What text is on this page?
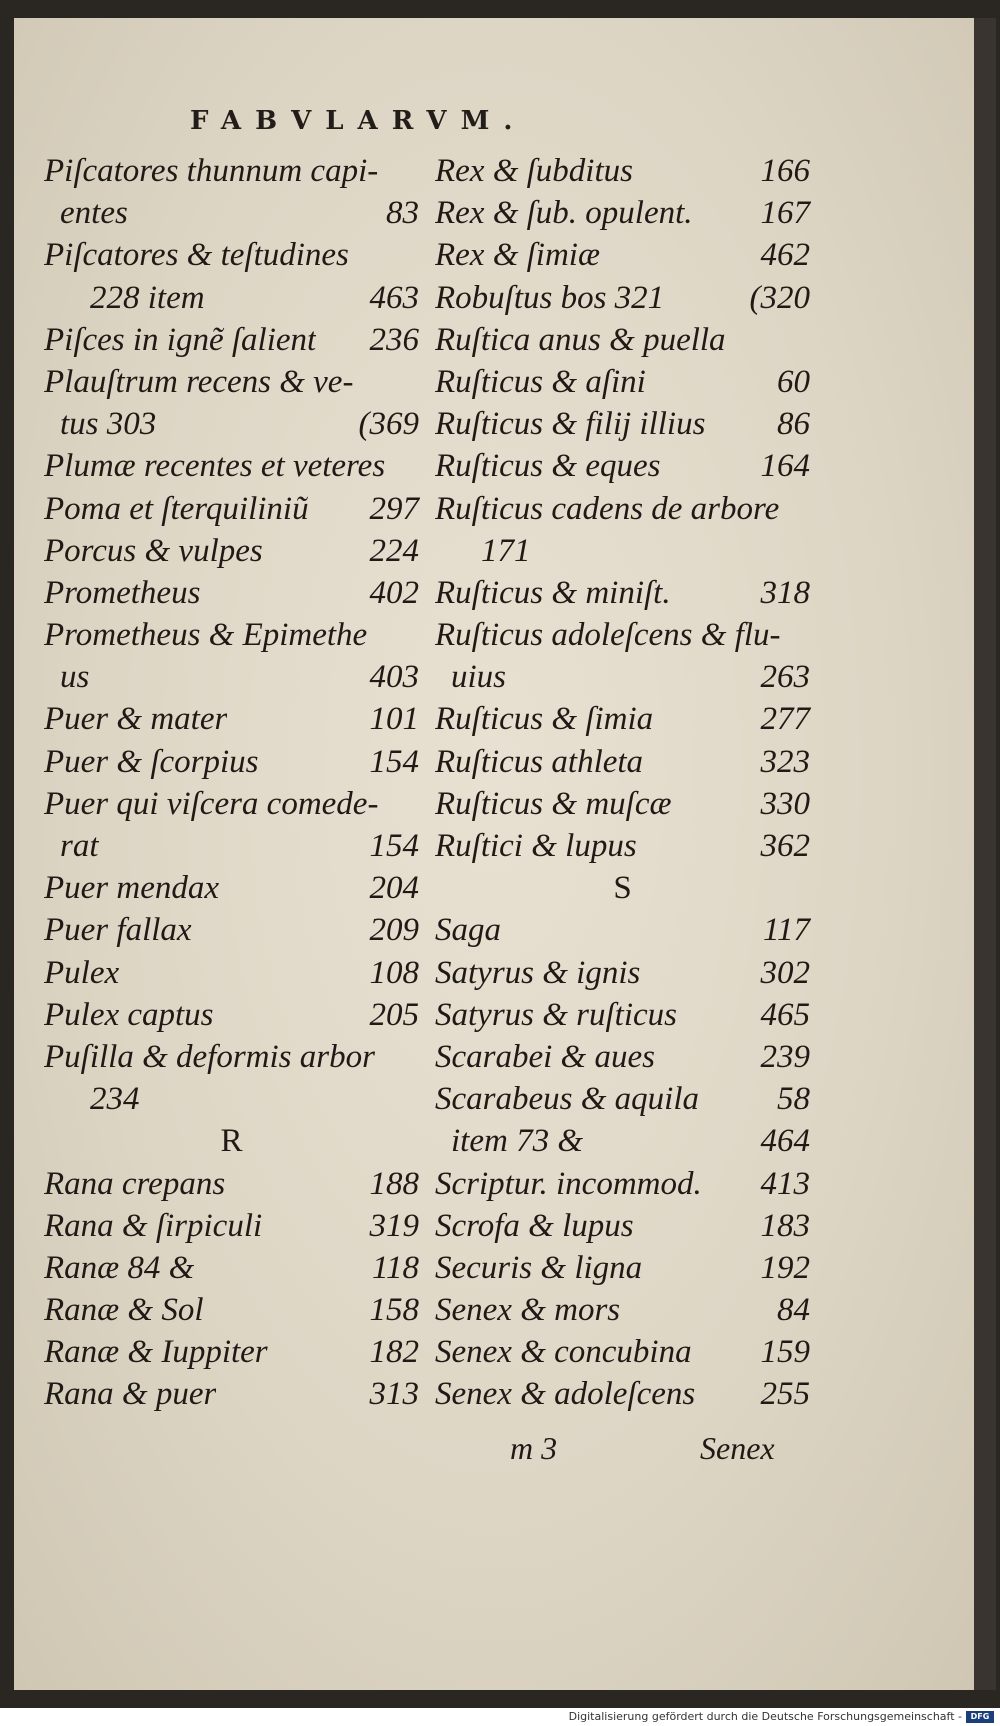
FABVLARVM.
Piſcatores thunnum capi-
entes	83
Piſcatores & teſtudines
228 item	463
Piſces in ignẽ ſalient 236
Plauſtrum recens & ve-
tus 303	(369
Plumæ recentes et veteres
Poma et ſterquiliniũ 297
Porcus & vulpes	224
Prometheus	402
Prometheus & Epimethe
us	403
Puer & mater	101
Puer & ſcorpius	154
Puer qui viſcera comede-
rat	154
Puer mendax	204
Puer fallax	209
Pulex	108
Pulex captus	205
Puſilla & deformis arbor
234
R
Rana crepans	188
Rana & ſirpiculi	319
Ranæ 84 &	118
Ranæ & Sol	158
Ranæ & Iuppiter	182
Rana & puer	313
Rex & ſubditus	166
Rex & ſub. opulent. 167
Rex & ſimiæ	462
Robuſtus bos 321	(320
Ruſtica anus & puella
Ruſticus & aſini	60
Ruſticus & filij illius 86
Ruſticus & eques	164
Ruſticus cadens de arbore
171
Ruſticus & miniſt.	318
Ruſticus adoleſcens & flu-
uius	263
Ruſticus & ſimia	277
Ruſticus athleta	323
Ruſticus & muſcæ	330
Ruſtici & lupus	362
S
Saga	117
Satyrus & ignis	302
Satyrus & ruſticus	465
Scarabei & aues	239
Scarabeus & aquila 58
item 73 &	464
Scriptur. incommod. 413
Scrofa & lupus	183
Securis & ligna	192
Senex & mors	84
Senex & concubina 159
Senex & adoleſcens 255
m 3	Senex
Digitalisierung gefördert durch die Deutsche Forschungsgemeinschaft -	DFG
